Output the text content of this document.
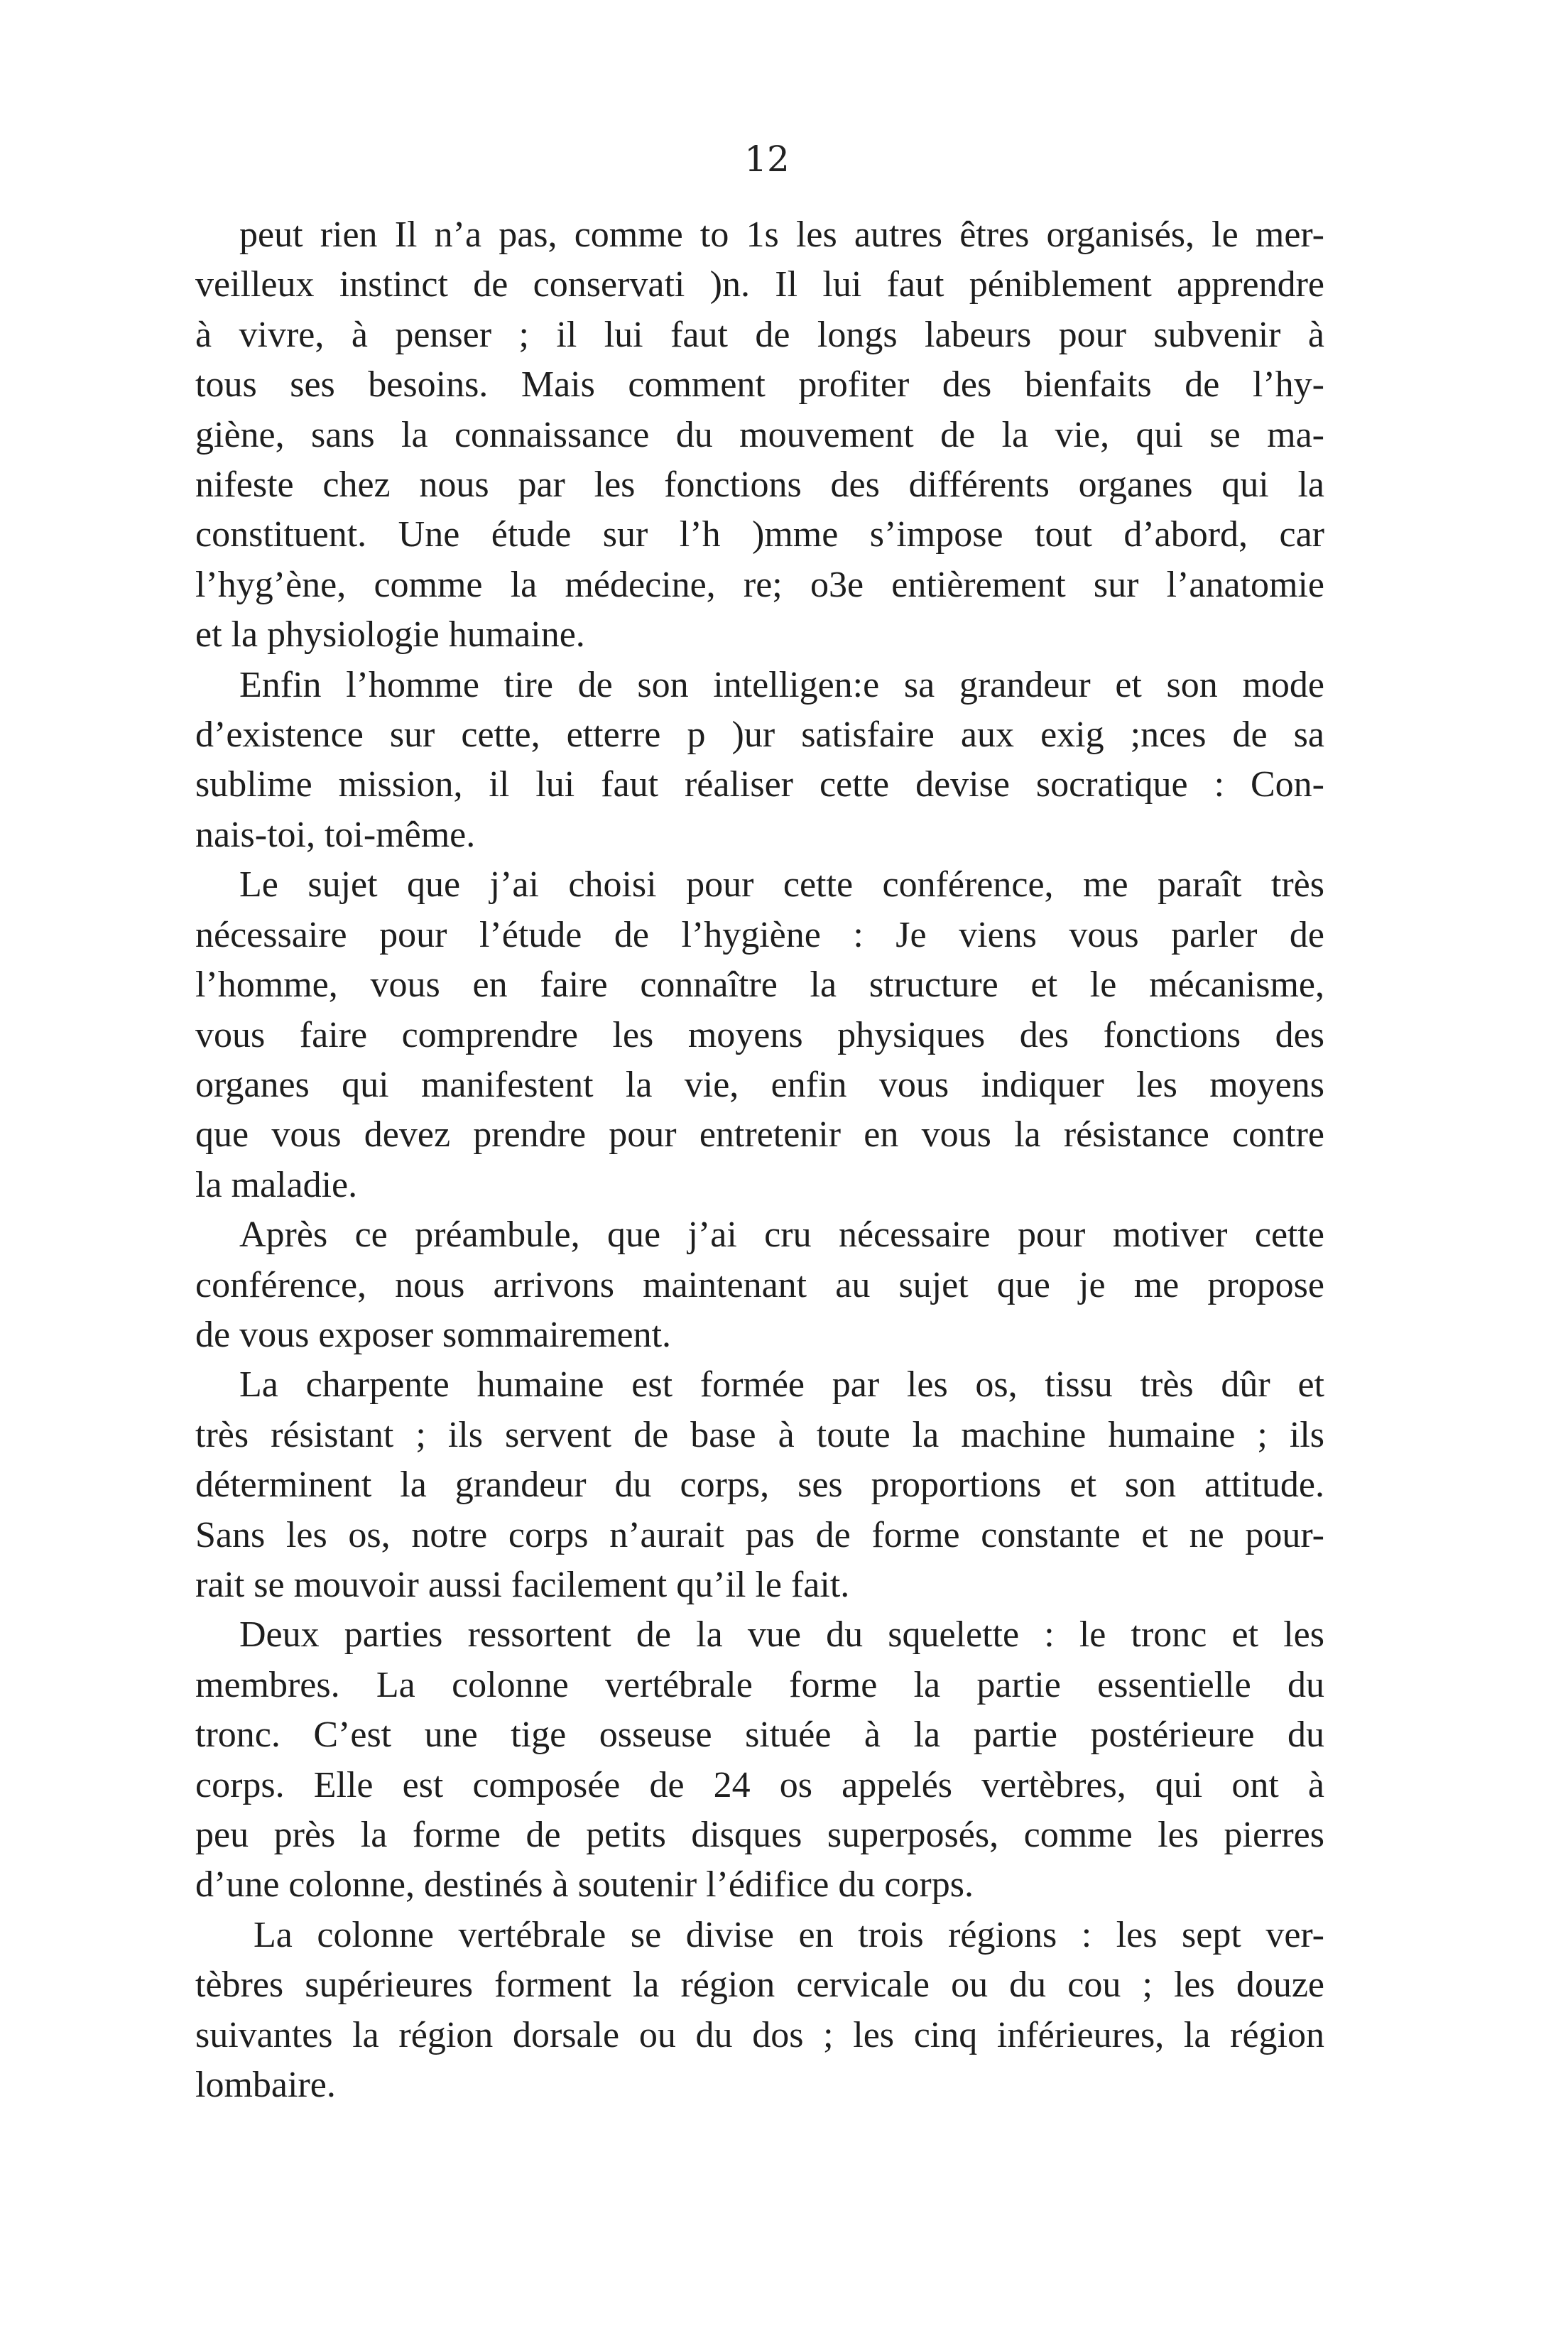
12
peut rien Il n’a pas, comme to 1s les autres êtres organisés, le mer-
veilleux instinct de conservati )n. Il lui faut péniblement apprendre
à vivre, à penser ; il lui faut de longs labeurs pour subvenir à
tous ses besoins. Mais comment profiter des bienfaits de l’hy-
giène, sans la connaissance du mouvement de la vie, qui se ma-
nifeste chez nous par les fonctions des différents organes qui la
constituent. Une étude sur l’h )mme s’impose tout d’abord, car
l’hyg’ène, comme la médecine, re; o3e entièrement sur l’anatomie
et la physiologie humaine.
Enfin l’homme tire de son intelligen:e sa grandeur et son mode
d’existence sur cette, etterre p )ur satisfaire aux exig ;nces de sa
sublime mission, il lui faut réaliser cette devise socratique : Con-
nais-toi, toi-même.
Le sujet que j’ai choisi pour cette conférence, me paraît très
nécessaire pour l’étude de l’hygiène : Je viens vous parler de
l’homme, vous en faire connaître la structure et le mécanisme,
vous faire comprendre les moyens physiques des fonctions des
organes qui manifestent la vie, enfin vous indiquer les moyens
que vous devez prendre pour entretenir en vous la résistance contre
la maladie.
Après ce préambule, que j’ai cru nécessaire pour motiver cette
conférence, nous arrivons maintenant au sujet que je me propose
de vous exposer sommairement.
La charpente humaine est formée par les os, tissu très dûr et
très résistant ; ils servent de base à toute la machine humaine ; ils
déterminent la grandeur du corps, ses proportions et son attitude.
Sans les os, notre corps n’aurait pas de forme constante et ne pour-
rait se mouvoir aussi facilement qu’il le fait.
Deux parties ressortent de la vue du squelette : le tronc et les
membres. La colonne vertébrale forme la partie essentielle du
tronc. C’est une tige osseuse située à la partie postérieure du
corps. Elle est composée de 24 os appelés vertèbres, qui ont à
peu près la forme de petits disques superposés, comme les pierres
d’une colonne, destinés à soutenir l’édifice du corps.
La colonne vertébrale se divise en trois régions : les sept ver-
tèbres supérieures forment la région cervicale ou du cou ; les douze
suivantes la région dorsale ou du dos ; les cinq inférieures, la région
lombaire.
